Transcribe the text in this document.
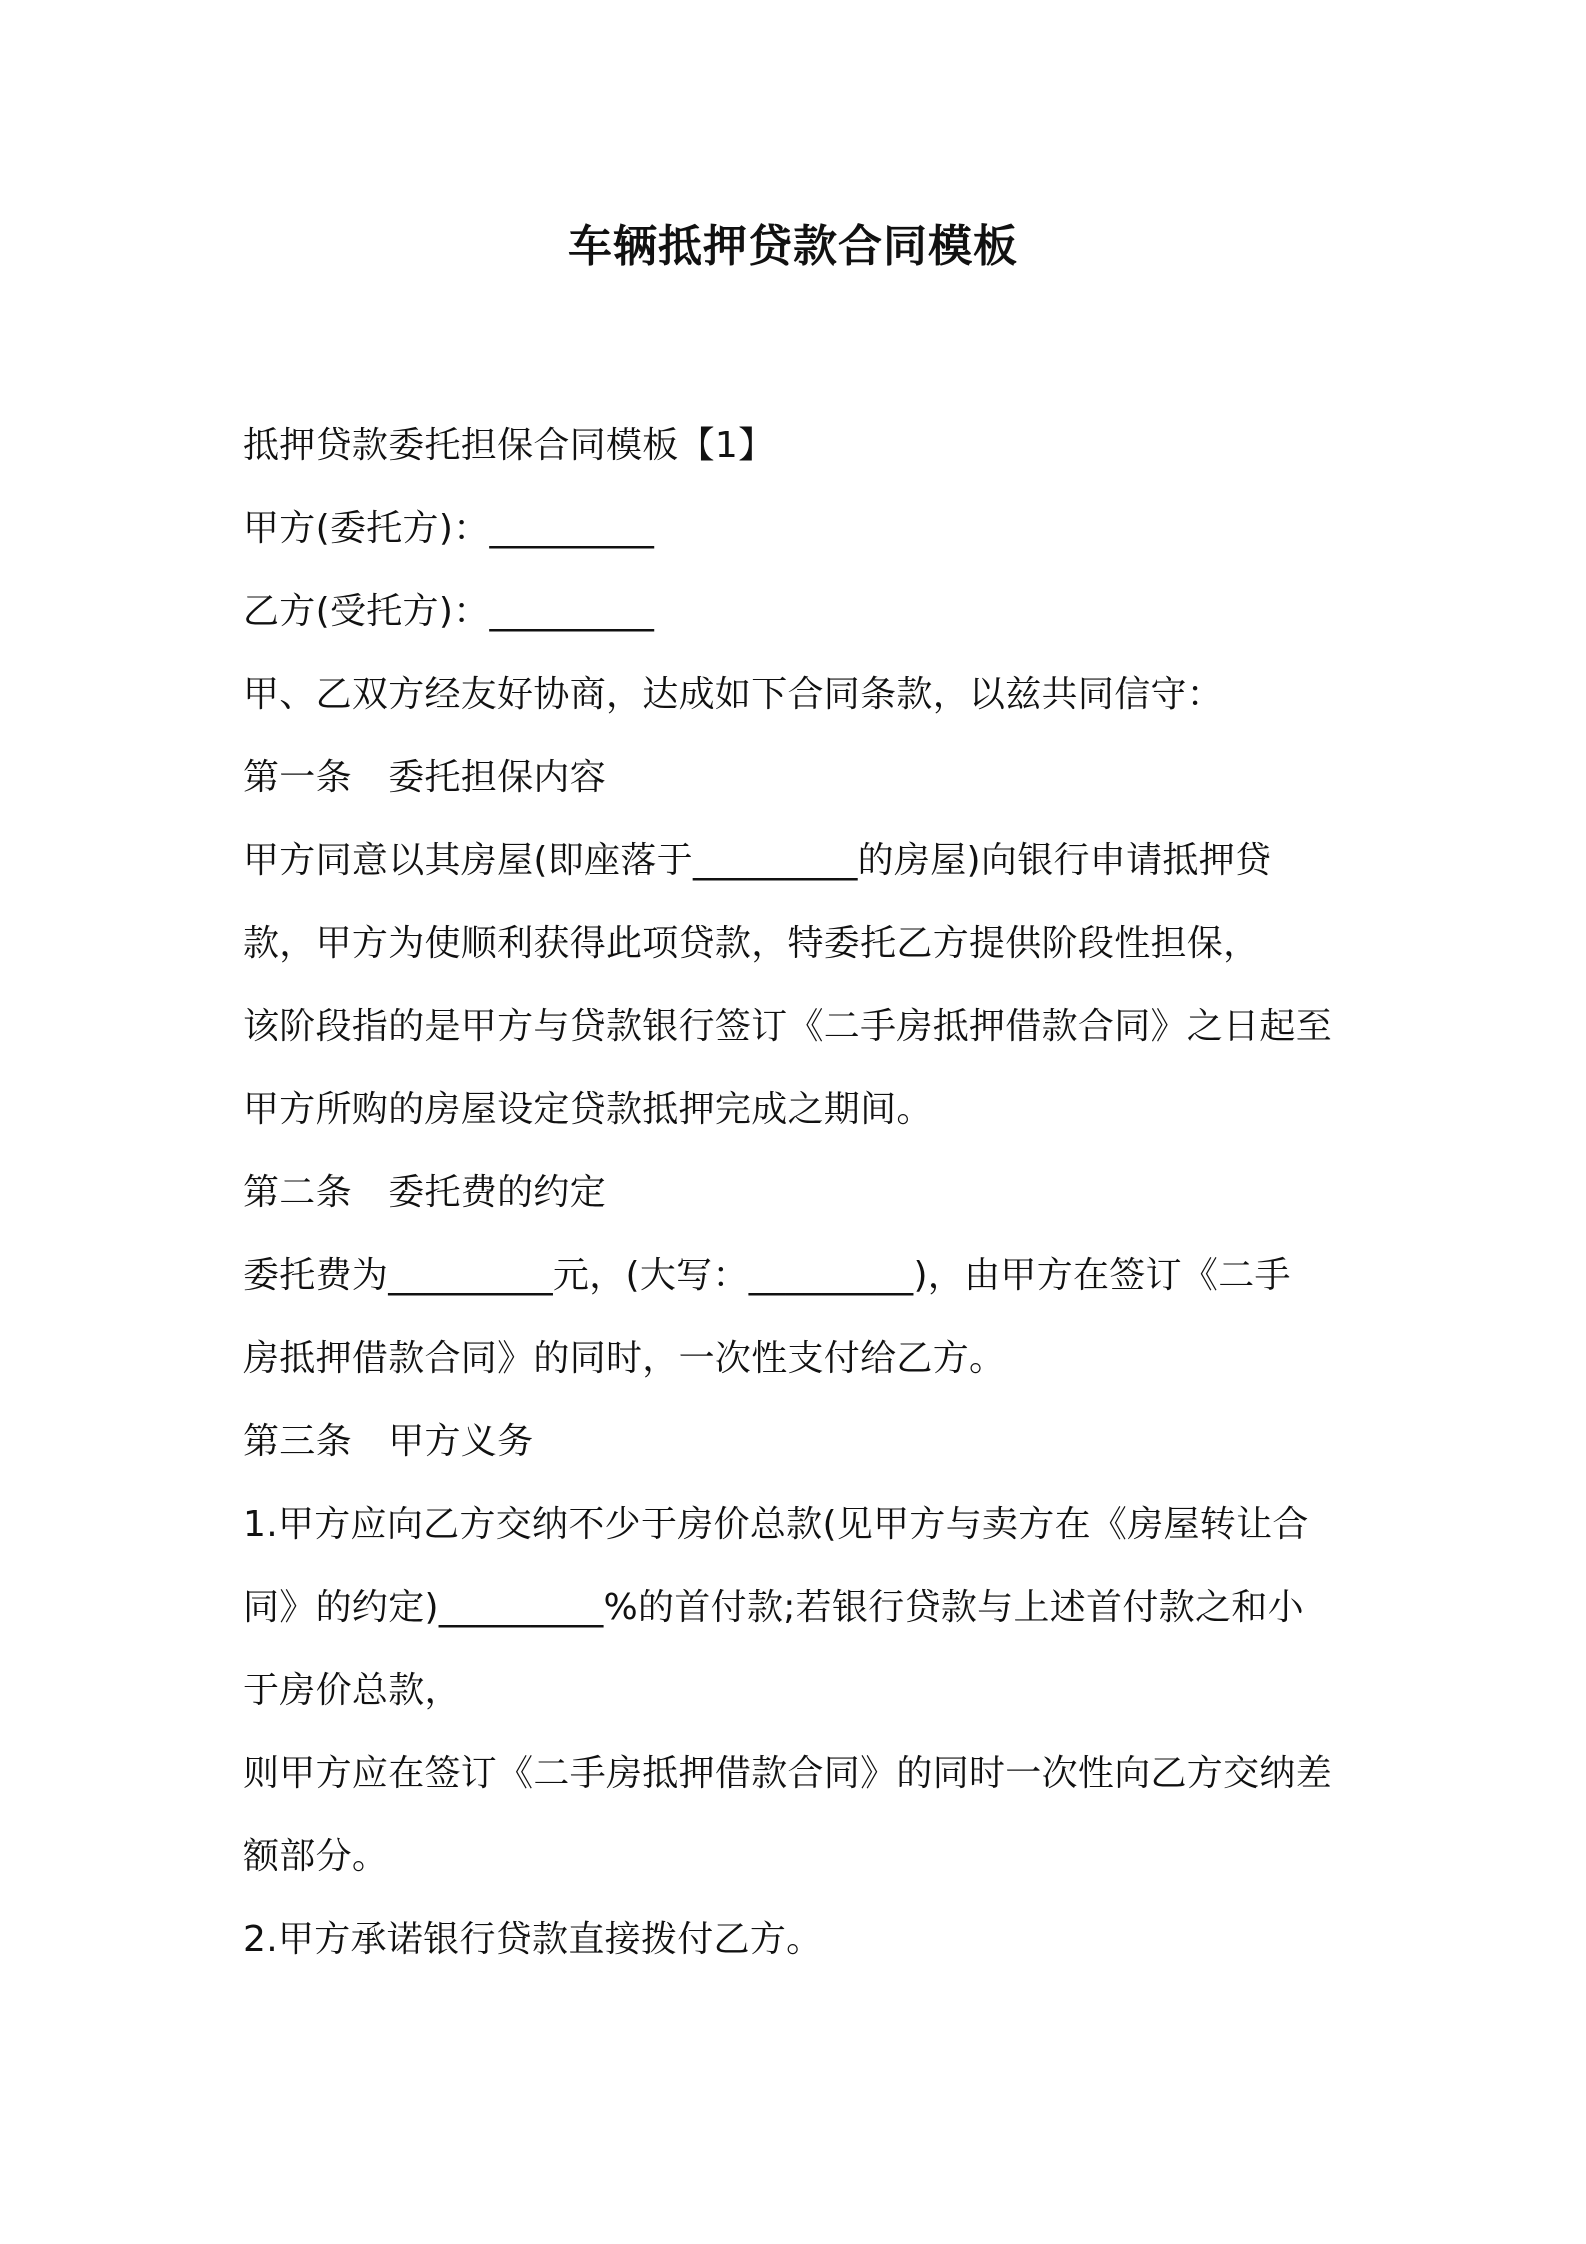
车辆抵押贷款合同模板
抵押贷款委托担保合同模板【1】
甲方(委托方)：_________
乙方(受托方)：_________
甲、乙双方经友好协商，达成如下合同条款，以兹共同信守：
第一条　委托担保内容
甲方同意以其房屋(即座落于_________的房屋)向银行申请抵押贷
款，甲方为使顺利获得此项贷款，特委托乙方提供阶段性担保，
该阶段指的是甲方与贷款银行签订《二手房抵押借款合同》之日起至
甲方所购的房屋设定贷款抵押完成之期间。
第二条　委托费的约定
委托费为_________元，(大写：_________)，由甲方在签订《二手
房抵押借款合同》的同时，一次性支付给乙方。
第三条　甲方义务
1.甲方应向乙方交纳不少于房价总款(见甲方与卖方在《房屋转让合
同》的约定)_________%的首付款;若银行贷款与上述首付款之和小
于房价总款，
则甲方应在签订《二手房抵押借款合同》的同时一次性向乙方交纳差
额部分。
2.甲方承诺银行贷款直接拨付乙方。
